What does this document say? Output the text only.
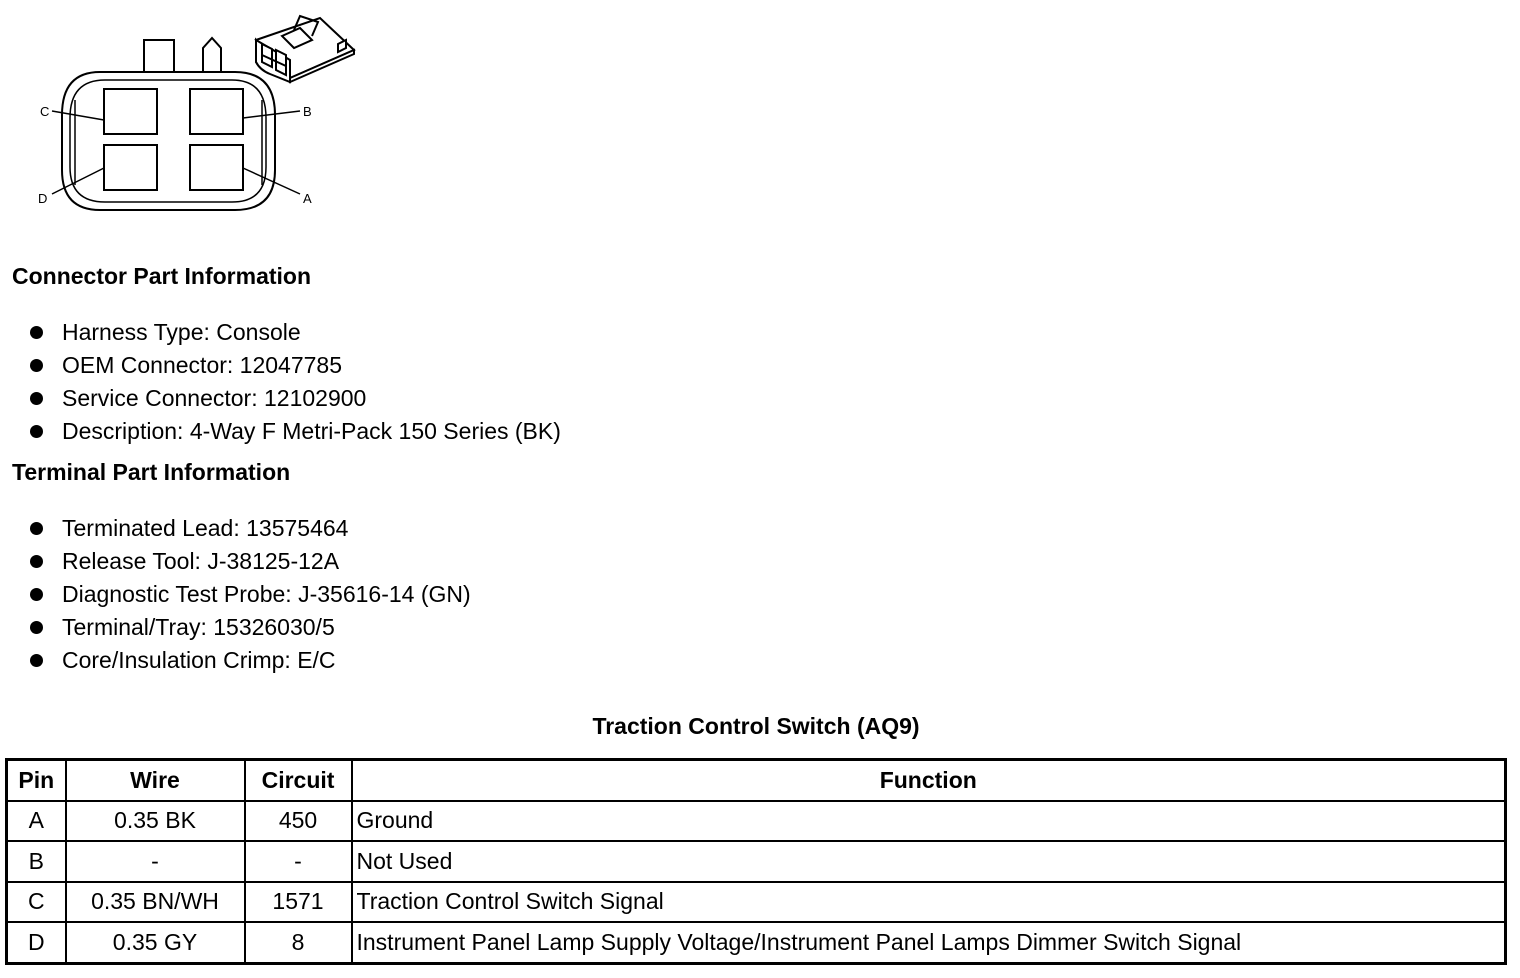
C	B
D	A
Connector Part Information
Harness Type: Console
OEM Connector: 12047785
Service Connector: 12102900
Description: 4-Way F Metri-Pack 150 Series (BK)
Terminal Part Information
Terminated Lead: 13575464
Release Tool: J-38125-12A
Diagnostic Test Probe: J-35616-14 (GN)
Terminal/Tray: 15326030/5
Core/Insulation Crimp: E/C
Traction Control Switch (AQ9)
Pin	Wire	Circuit	Function
A	0.35 BK	450	Ground
B	-	-	Not Used
C	0.35 BN/WH	1571	Traction Control Switch Signal
D	0.35 GY	8	Instrument Panel Lamp Supply Voltage/Instrument Panel Lamps Dimmer Switch Signal
